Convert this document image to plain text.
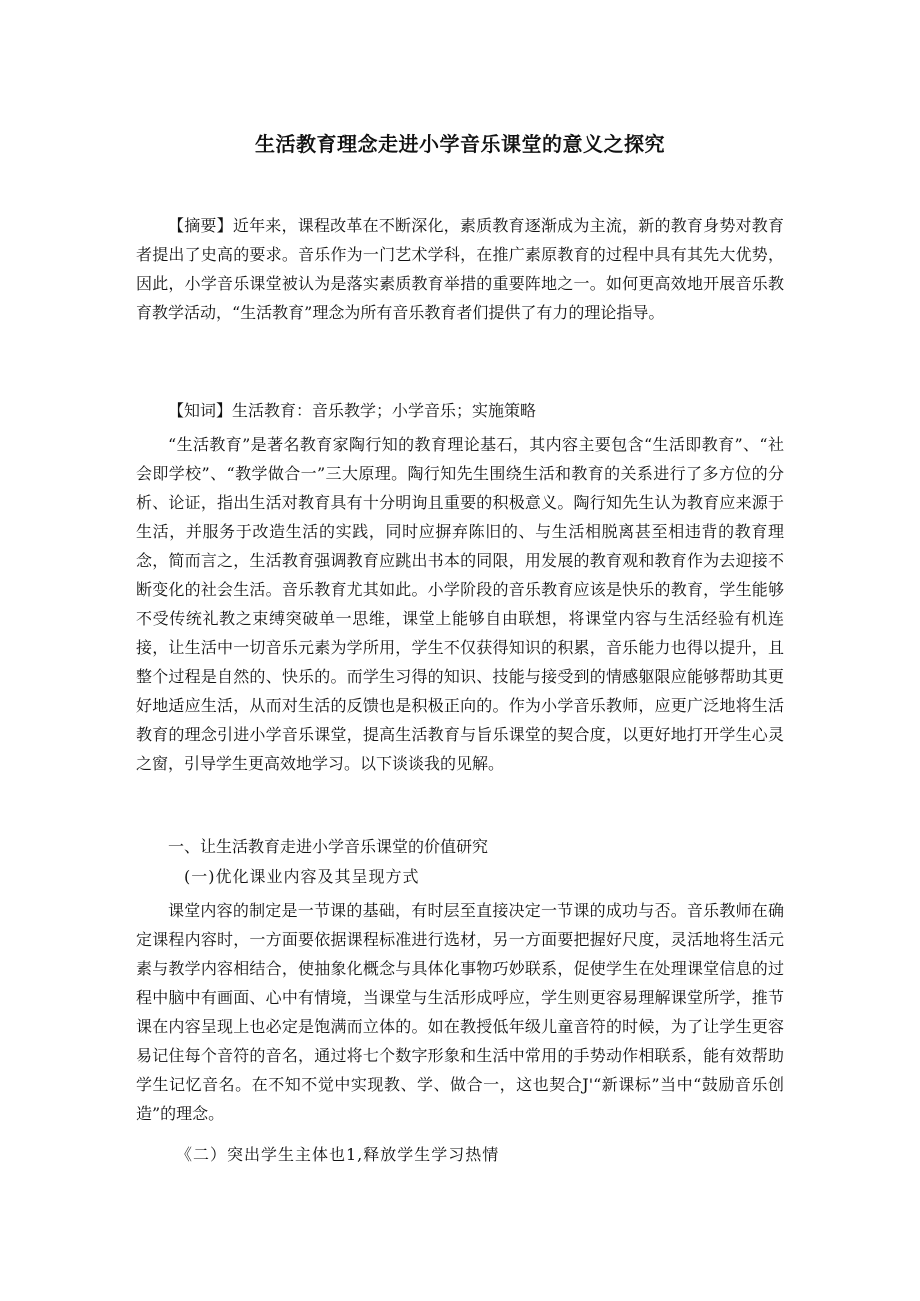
生活教育理念走进小学音乐课堂的意义之探究

【摘要】近年来，课程改革在不断深化，素质教育逐渐成为主流，新的教育身势对教育者提出了史高的要求。音乐作为一门艺术学科，在推广素原教育的过程中具有其先大优势，因此，小学音乐课堂被认为是落实素质教育举措的重要阵地之一。如何更高效地开展音乐教育教学活动，“生活教育”理念为所有音乐教育者们提供了有力的理论指导。

【知词】生活教育：音乐教学；小学音乐；实施策略

“生活教育”是著名教育家陶行知的教育理论基石，其内容主要包含“生活即教育”、“社会即学校”、“教学做合一”三大原理。陶行知先生围绕生活和教育的关系进行了多方位的分析、论证，指出生活对教育具有十分明询且重要的积极意义。陶行知先生认为教育应来源于生活，并服务于改造生活的实践，同时应摒弃陈旧的、与生活相脱离甚至相违背的教育理念，简而言之，生活教育强调教育应跳出书本的同限，用发展的教育观和教育作为去迎接不断变化的社会生活。音乐教育尤其如此。小学阶段的音乐教育应该是快乐的教育，学生能够不受传统礼教之束缚突破单一思维，课堂上能够自由联想，将课堂内容与生活经验有机连接，让生活中一切音乐元素为学所用，学生不仅获得知识的积累，音乐能力也得以提升，且整个过程是自然的、快乐的。而学生习得的知识、技能与接受到的情感躯限应能够帮助其更好地适应生活，从而对生活的反馈也是积极正向的。作为小学音乐教师，应更广泛地将生活教育的理念引进小学音乐课堂，提高生活教育与旨乐课堂的契合度，以更好地打开学生心灵之窗，引导学生更高效地学习。以下谈谈我的见解。

一、让生活教育走进小学音乐课堂的价值研究

(一)优化课业内容及其呈现方式

课堂内容的制定是一节课的基础，有时层至直接决定一节课的成功与否。音乐教师在确定课程内容时，一方面要依据课程标准进行选材，另一方面要把握好尺度，灵活地将生活元素与教学内容相结合，使抽象化概念与具体化事物巧妙联系，促使学生在处理课堂信息的过程中脑中有画面、心中有情境，当课堂与生活形成呼应，学生则更容易理解课堂所学，推节课在内容呈现上也必定是饱满而立体的。如在教授低年级儿童音符的时候，为了让学生更容易记住每个音符的音名，通过将七个数字形象和生活中常用的手势动作相联系，能有效帮助学生记忆音名。在不知不觉中实现教、学、做合一，这也契合J'“新课标”当中“鼓励音乐创造”的理念。

《二）突出学生主体也1,释放学生学习热情
